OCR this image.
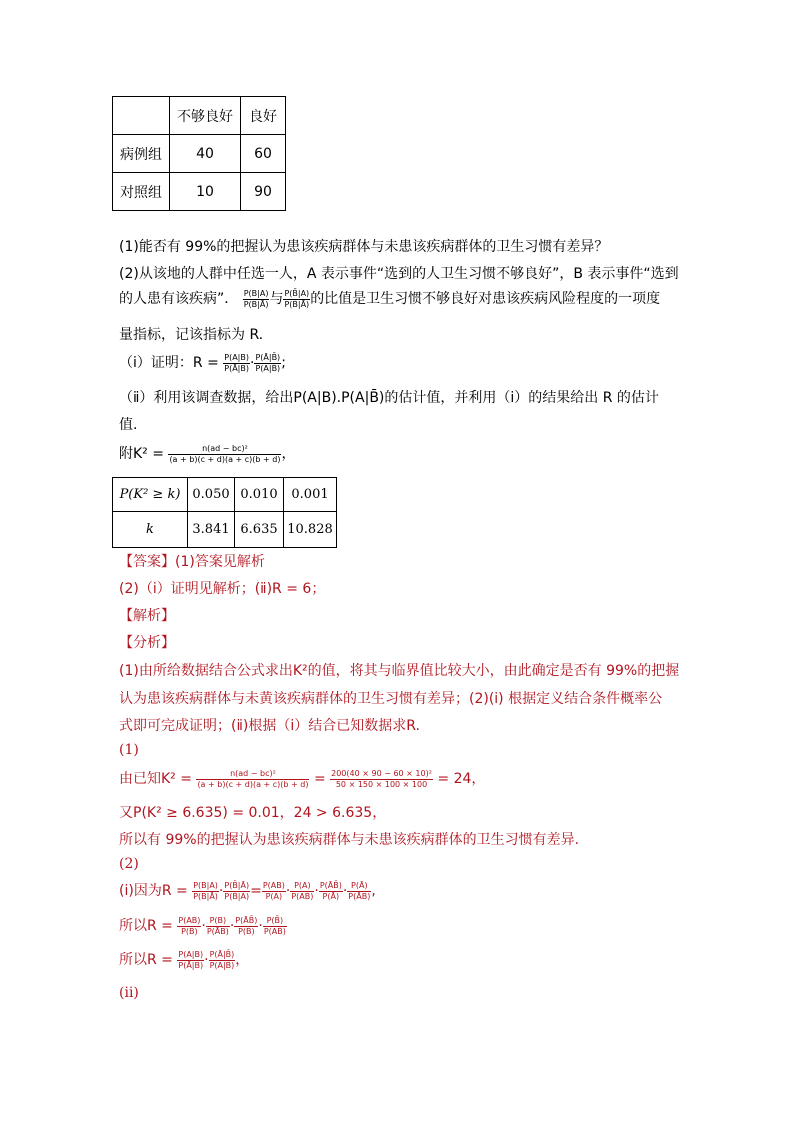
	不够良好	良好
病例组	40	60
对照组	10	90
(1)能否有 99%的把握认为患该疾病群体与未患该疾病群体的卫生习惯有差异？
(2)从该地的人群中任选一人，A 表示事件“选到的人卫生习惯不够良好”，B 表示事件“选到
的人患有该疾病”． $\frac{P(B|A)}{P(B|Ā)}$ 与 $\frac{P(B̄|A)}{P(B̄|Ā)}$ 的比值是卫生习惯不够良好对患该疾病风险程度的一项度
量指标，记该指标为 R.
（ⅰ）证明：$R = \frac{P(A|B)}{P(Ā|B)} \cdot \frac{P(Ā|B̄)}{P(A|B̄)}$ ;
（ⅱ）利用该调查数据，给出P(A|B).P(A|B̄)的估计值，并利用（ⅰ）的结果给出 R 的估计
值.
附$K^2 = \frac{\text{n(ad − bc)²}}{(a + b)(c + d)(a + c)(b + d)}$ ，
P(K² ≥ k)	0.050	0.010	0.001
k	3.841	6.635	10.828
【答案】(1)答案见解析
(2)（ⅰ）证明见解析；(ⅱ)R = 6；
【解析】
【分析】
(1)由所给数据结合公式求出K²的值，将其与临界值比较大小，由此确定是否有 99%的把握
认为患该疾病群体与未黄该疾病群体的卫生习惯有差异；(2)(ⅰ) 根据定义结合条件概率公
式即可完成证明；(ⅱ)根据（ⅰ）结合已知数据求R.
(1)
由已知$K^2 = \frac{\text{n(ad − bc)²}}{(a + b)(c + d)(a + c)(b + d)} = \frac{\text{200(40 × 90 − 60 × 10)²}}{50 \times 150 \times 100 \times 100} = 24$，
又P(K² ≥ 6.635) = 0.01，24 > 6.635，
所以有 99%的把握认为患该疾病群体与未患该疾病群体的卫生习惯有差异.
(2)
(ⅰ)因为$R = \frac{P(B|A)}{P(B|Ā)} \cdot \frac{P(B̄|Ā)}{P(B̄|A)} = \frac{P(AB)}{P(A)} \cdot \frac{P(A)}{P(AB̄)} \cdot \frac{P(ĀB̄)}{P(Ā)} \cdot \frac{P(Ā)}{P(ĀB)}$ ,
所以$R = \frac{P(AB)}{P(B)} \cdot \frac{P(B)}{P(ĀB)} \cdot \frac{P(ĀB̄)}{P(B̄)} \cdot \frac{P(B̄)}{P(AB̄)}$
所以$R = \frac{P(A|B)}{P(Ā|B)} \cdot \frac{P(Ā|B̄)}{P(A|B̄)}$ ，
(ⅱ)
